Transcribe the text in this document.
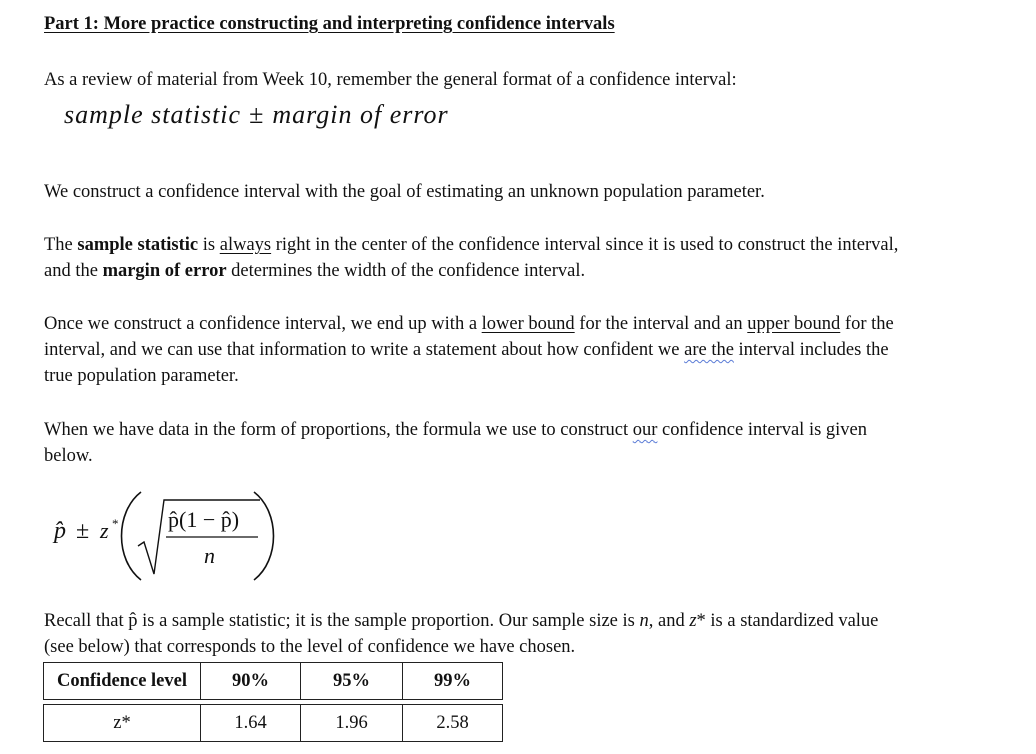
Part 1: More practice constructing and interpreting confidence intervals
As a review of material from Week 10, remember the general format of a confidence interval:
sample statistic ± margin of error
We construct a confidence interval with the goal of estimating an unknown population parameter.
The sample statistic is always right in the center of the confidence interval since it is used to construct the interval,
and the margin of error determines the width of the confidence interval.
Once we construct a confidence interval, we end up with a lower bound for the interval and an upper bound for the
interval, and we can use that information to write a statement about how confident we are the interval includes the
true population parameter.
When we have data in the form of proportions, the formula we use to construct our confidence interval is given
below.
p̂ ± z * p̂(1 − p̂)
n
Recall that p̂ is a sample statistic; it is the sample proportion. Our sample size is n, and z* is a standardized value
(see below) that corresponds to the level of confidence we have chosen.
Confidence level	90%	95%	99%

z*	1.64	1.96	2.58
